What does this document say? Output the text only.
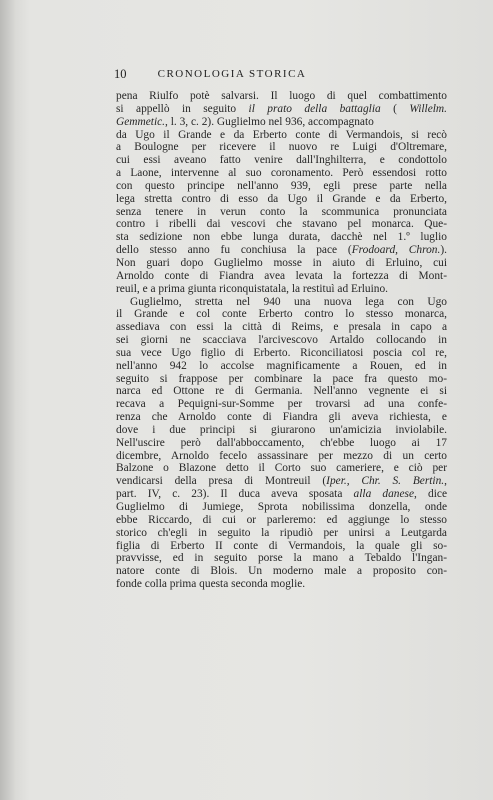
10	CRONOLOGIA STORICA
pena Riulfo potè salvarsi. Il luogo di quel combattimento
si appellò in seguito il prato della battaglia ( Willelm.
Gemmetic., l. 3, c. 2). Guglielmo nel 936, accompagnato
da Ugo il Grande e da Erberto conte di Vermandois, si recò
a Boulogne per ricevere il nuovo re Luigi d'Oltremare,
cui essi aveano fatto venire dall'Inghilterra, e condottolo
a Laone, intervenne al suo coronamento. Però essendosi rotto
con questo principe nell'anno 939, egli prese parte nella
lega stretta contro di esso da Ugo il Grande e da Erberto,
senza tenere in verun conto la scommunica pronunciata
contro i ribelli dai vescovi che stavano pel monarca. Que-
sta sedizione non ebbe lunga durata, dacchè nel 1.º luglio
dello stesso anno fu conchiusa la pace (Frodoard, Chron.).
Non guari dopo Guglielmo mosse in aiuto di Erluino, cui
Arnoldo conte di Fiandra avea levata la fortezza di Mont-
reuil, e a prima giunta riconquistatala, la restituì ad Erluino.
Guglielmo, stretta nel 940 una nuova lega con Ugo
il Grande e col conte Erberto contro lo stesso monarca,
assediava con essi la città di Reims, e presala in capo a
sei giorni ne scacciava l'arcivescovo Artaldo collocando in
sua vece Ugo figlio di Erberto. Riconciliatosi poscia col re,
nell'anno 942 lo accolse magnificamente a Rouen, ed in
seguito si frappose per combinare la pace fra questo mo-
narca ed Ottone re di Germania. Nell'anno vegnente ei si
recava a Pequigni-sur-Somme per trovarsi ad una confe-
renza che Arnoldo conte di Fiandra gli aveva richiesta, e
dove i due principi si giurarono un'amicizia inviolabile.
Nell'uscire però dall'abboccamento, ch'ebbe luogo ai 17
dicembre, Arnoldo fecelo assassinare per mezzo di un certo
Balzone o Blazone detto il Corto suo cameriere, e ciò per
vendicarsi della presa di Montreuil (Iper., Chr. S. Bertin.,
part. IV, c. 23). Il duca aveva sposata alla danese, dice
Guglielmo di Jumiege, Sprota nobilissima donzella, onde
ebbe Riccardo, di cui or parleremo: ed aggiunge lo stesso
storico ch'egli in seguito la ripudiò per unirsi a Leutgarda
figlia di Erberto II conte di Vermandois, la quale gli so-
pravvisse, ed in seguito porse la mano a Tebaldo l'Ingan-
natore conte di Blois. Un moderno male a proposito con-
fonde colla prima questa seconda moglie.
